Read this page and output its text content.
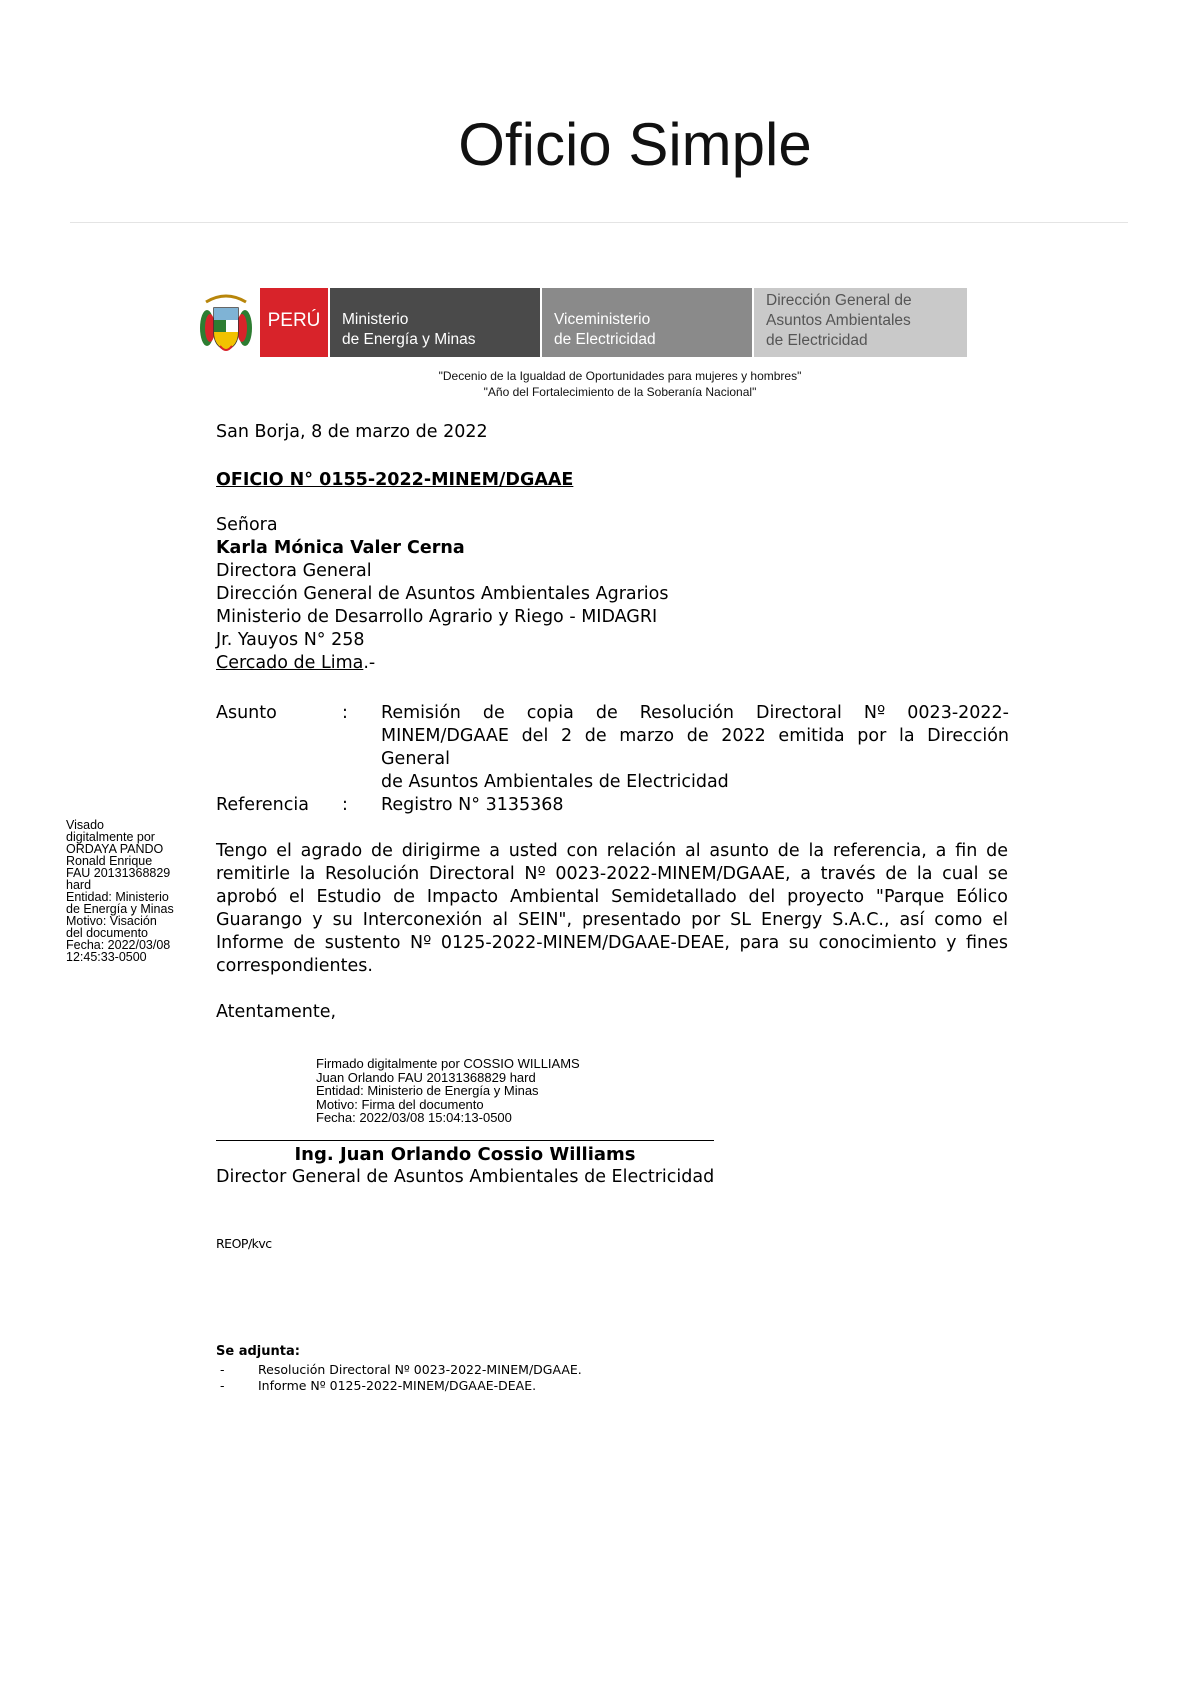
Oficio Simple
PERÚ	Ministerio
de Energía y Minas
Viceministerio
de Electricidad
Dirección General de
Asuntos Ambientales
de Electricidad
"Decenio de la Igualdad de Oportunidades para mujeres y hombres"
"Año del Fortalecimiento de la Soberanía Nacional"
San Borja, 8 de marzo de 2022
OFICIO N° 0155-2022-MINEM/DGAAE
Señora
Karla Mónica Valer Cerna
Directora General
Dirección General de Asuntos Ambientales Agrarios
Ministerio de Desarrollo Agrario y Riego - MIDAGRI
Jr. Yauyos N° 258
Cercado de Lima.-
Asunto	: Remisión de copia de Resolución Directoral Nº 0023-2022-
MINEM/DGAAE del 2 de marzo de 2022 emitida por la Dirección General
de Asuntos Ambientales de Electricidad
Referencia : Registro N° 3135368
Visado
digitalmente por
ORDAYA PANDO
Ronald Enrique
FAU 20131368829
hard
Entidad: Ministerio
de Energía y Minas
Motivo: Visación
del documento
Fecha: 2022/03/08
12:45:33-0500
Tengo el agrado de dirigirme a usted con relación al asunto de la referencia, a fin de
remitirle la Resolución Directoral Nº 0023-2022-MINEM/DGAAE, a través de la cual se
aprobó el Estudio de Impacto Ambiental Semidetallado del proyecto "Parque Eólico
Guarango y su Interconexión al SEIN", presentado por SL Energy S.A.C., así como el
Informe de sustento Nº 0125-2022-MINEM/DGAAE-DEAE, para su conocimiento y fines
correspondientes.
Atentamente,
Firmado digitalmente por COSSIO WILLIAMS
Juan Orlando FAU 20131368829 hard
Entidad: Ministerio de Energía y Minas
Motivo: Firma del documento
Fecha: 2022/03/08 15:04:13-0500
Ing. Juan Orlando Cossio Williams
Director General de Asuntos Ambientales de Electricidad
REOP/kvc
Se adjunta:
-	Resolución Directoral Nº 0023-2022-MINEM/DGAAE.
-	Informe Nº 0125-2022-MINEM/DGAAE-DEAE.
